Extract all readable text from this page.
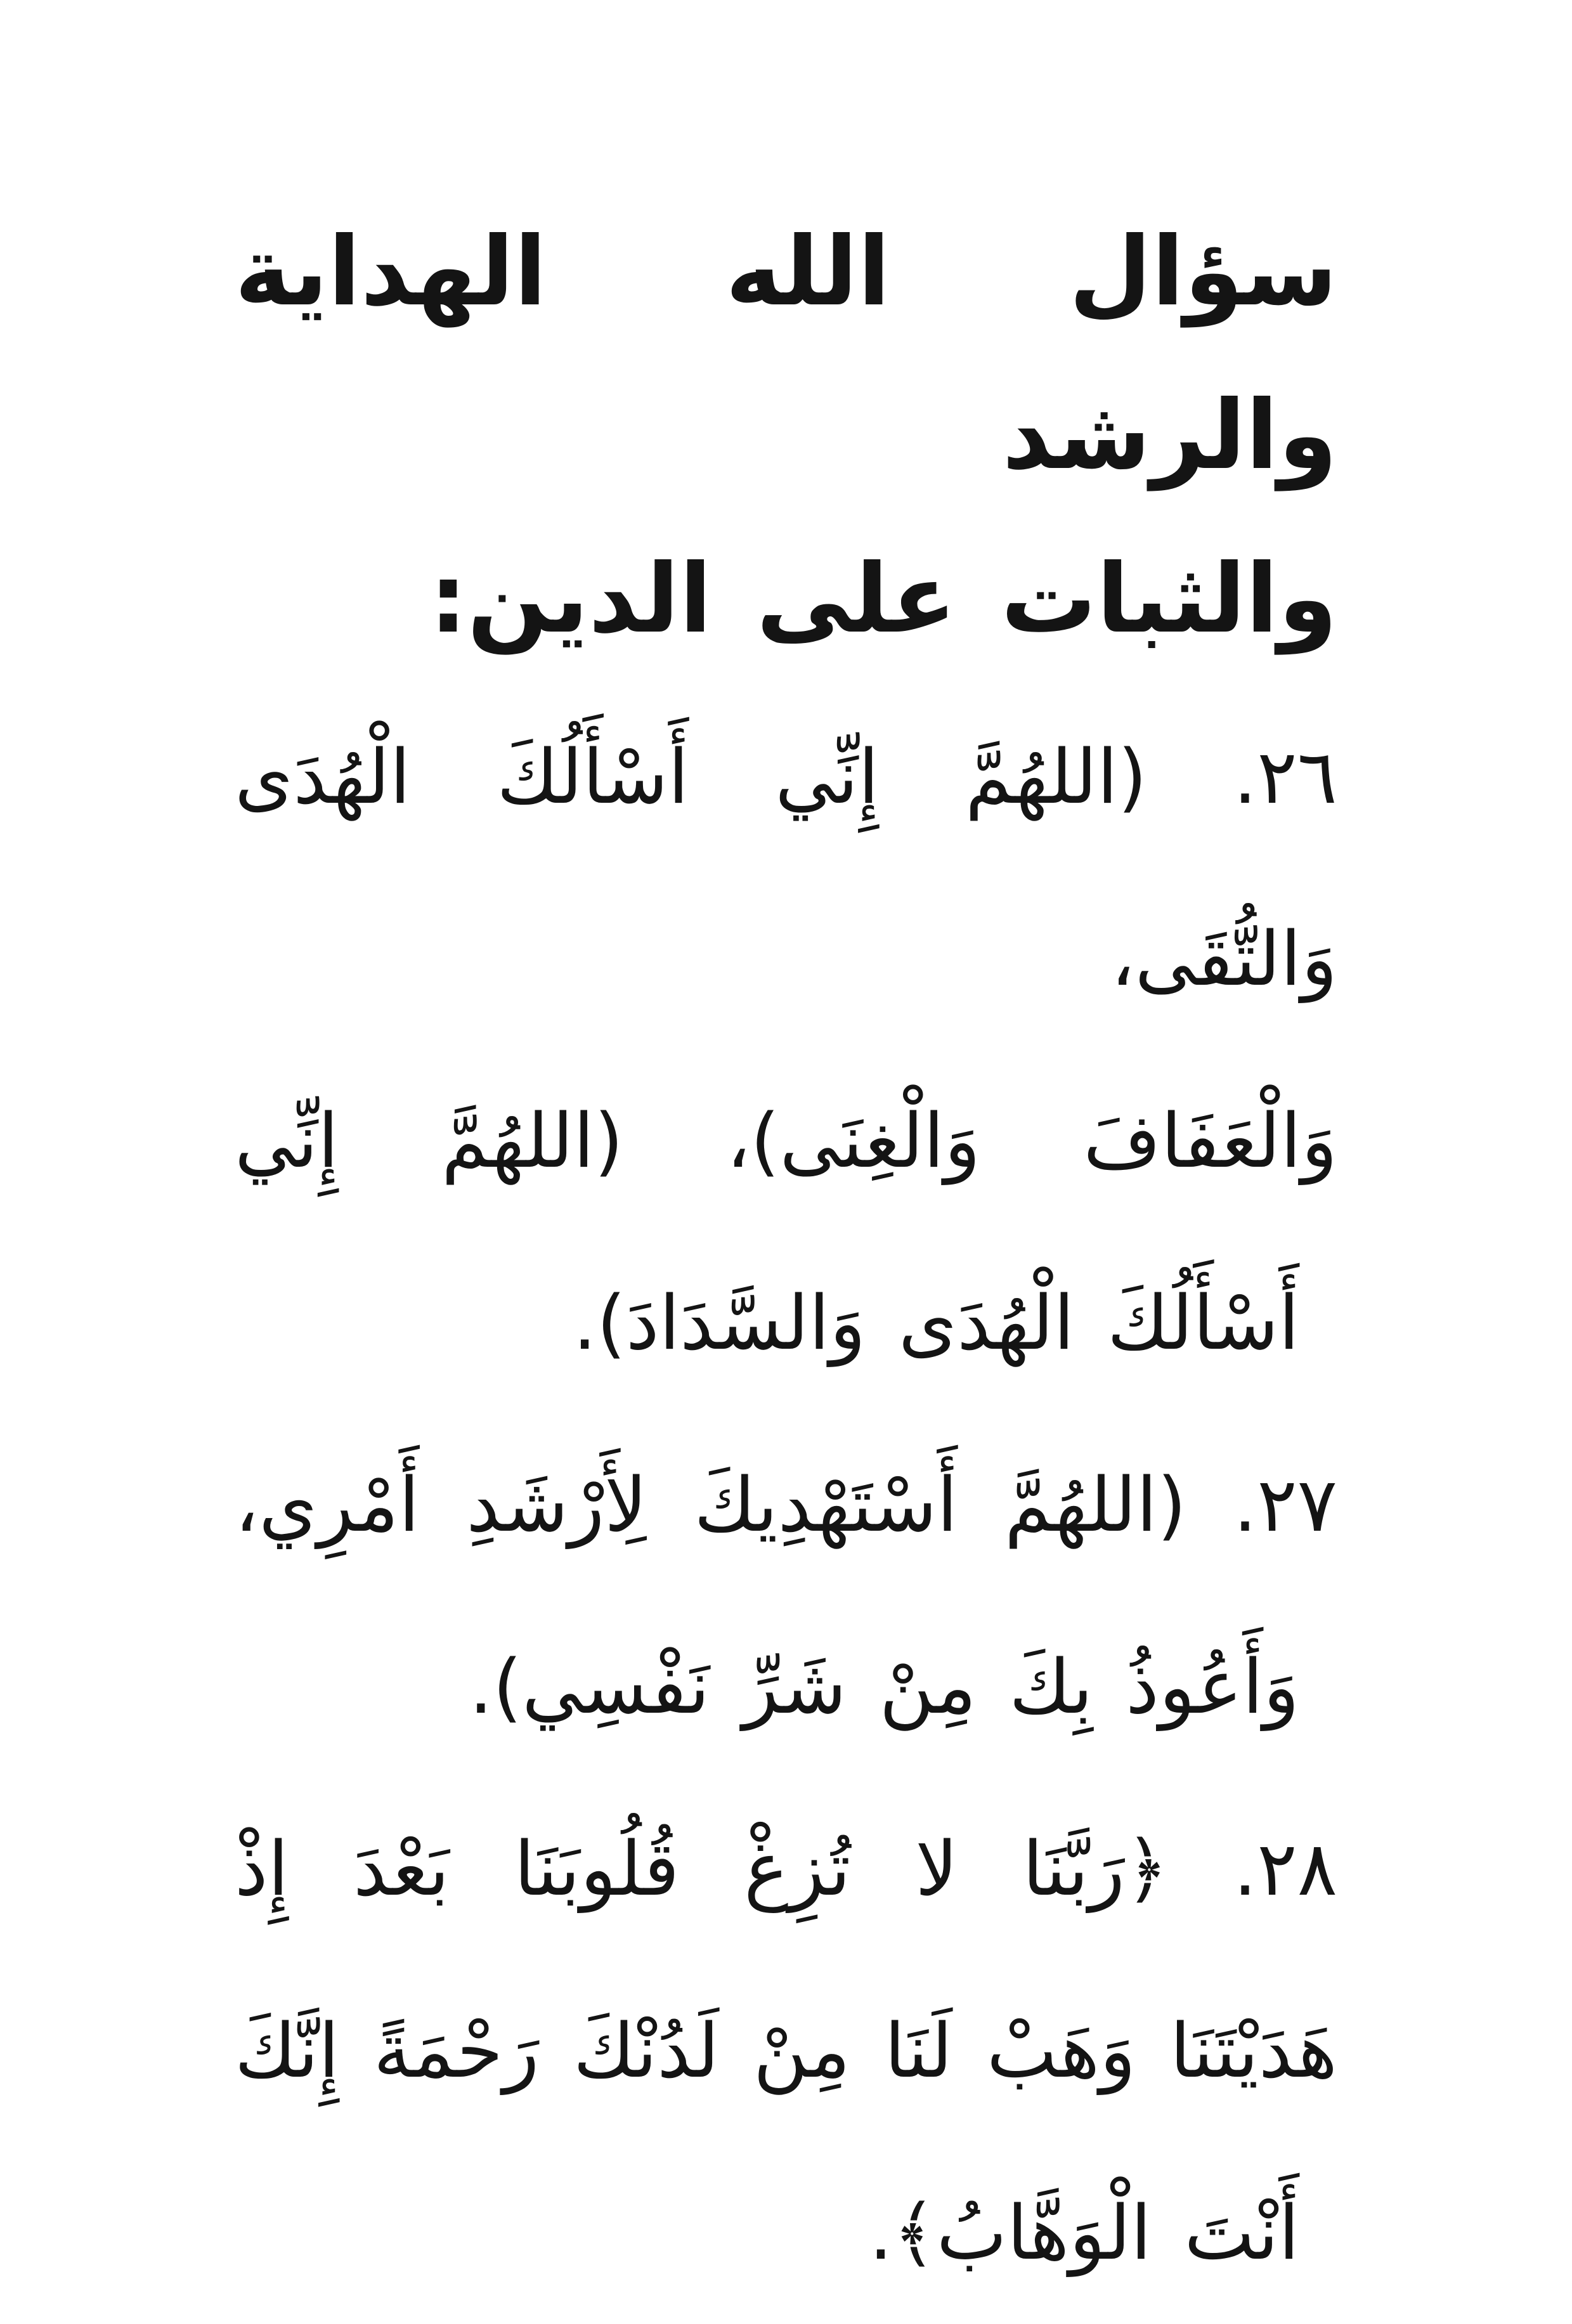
سؤال الله الهداية والرشد
والثبات على الدين:
٢٦. (اللهُمَّ إِنِّي أَسْأَلُكَ الْهُدَى وَالتُّقَى،
وَالْعَفَافَ وَالْغِنَى)، (اللهُمَّ إِنِّي
أَسْأَلُكَ الْهُدَى وَالسَّدَادَ).
٢٧. (اللهُمَّ أَسْتَهْدِيكَ لِأَرْشَدِ أَمْرِي،
وَأَعُوذُ بِكَ مِنْ شَرِّ نَفْسِي).
٢٨. ﴿رَبَّنَا لا تُزِغْ قُلُوبَنَا بَعْدَ إِذْ
هَدَيْتَنَا وَهَبْ لَنَا مِنْ لَدُنْكَ رَحْمَةً إِنَّكَ
أَنْتَ الْوَهَّابُ﴾.
